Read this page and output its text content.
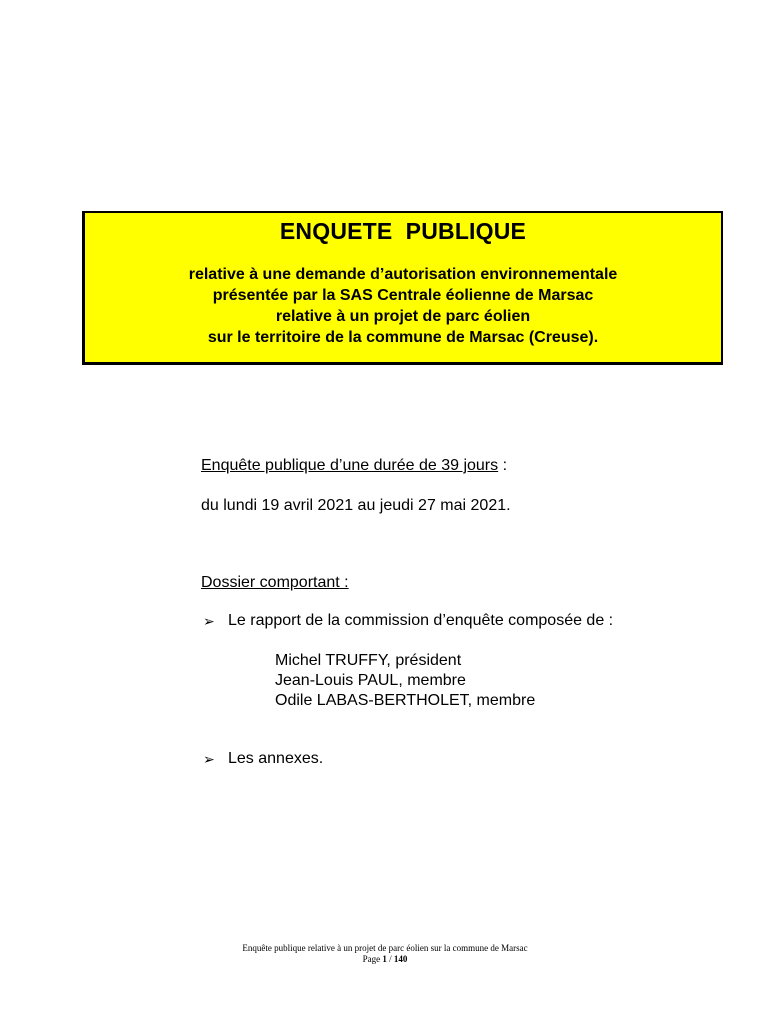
ENQUETE  PUBLIQUE
relative à une demande d’autorisation environnementale
présentée par la SAS Centrale éolienne de Marsac
relative à un projet de parc éolien
sur le territoire de la commune de Marsac (Creuse).
Enquête publique d’une durée de 39 jours :
du lundi 19 avril 2021 au jeudi 27 mai 2021.
Dossier comportant :
➢ Le rapport de la commission d’enquête composée de :
Michel TRUFFY, président
Jean-Louis PAUL, membre
Odile LABAS-BERTHOLET, membre
➢ Les annexes.
Enquête publique relative à un projet de parc éolien sur la commune de Marsac
Page 1 / 140
